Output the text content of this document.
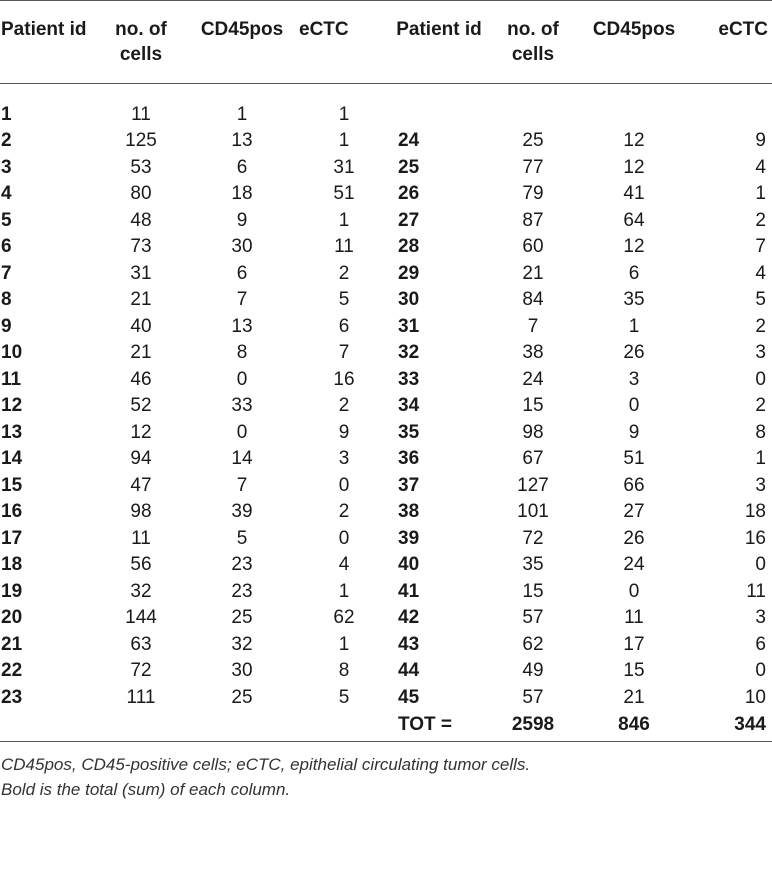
Patient id	no. of cells	CD45pos	eCTC	Patient id	no. of cells	CD45pos	eCTC
1	11	1	1				
2	125	13	1	24	25	12	9
3	53	6	31	25	77	12	4
4	80	18	51	26	79	41	1
5	48	9	1	27	87	64	2
6	73	30	11	28	60	12	7
7	31	6	2	29	21	6	4
8	21	7	5	30	84	35	5
9	40	13	6	31	7	1	2
10	21	8	7	32	38	26	3
11	46	0	16	33	24	3	0
12	52	33	2	34	15	0	2
13	12	0	9	35	98	9	8
14	94	14	3	36	67	51	1
15	47	7	0	37	127	66	3
16	98	39	2	38	101	27	18
17	11	5	0	39	72	26	16
18	56	23	4	40	35	24	0
19	32	23	1	41	15	0	11
20	144	25	62	42	57	11	3
21	63	32	1	43	62	17	6
22	72	30	8	44	49	15	0
23	111	25	5	45	57	21	10
				TOT =	2598	846	344
CD45pos, CD45-positive cells; eCTC, epithelial circulating tumor cells.
Bold is the total (sum) of each column.
